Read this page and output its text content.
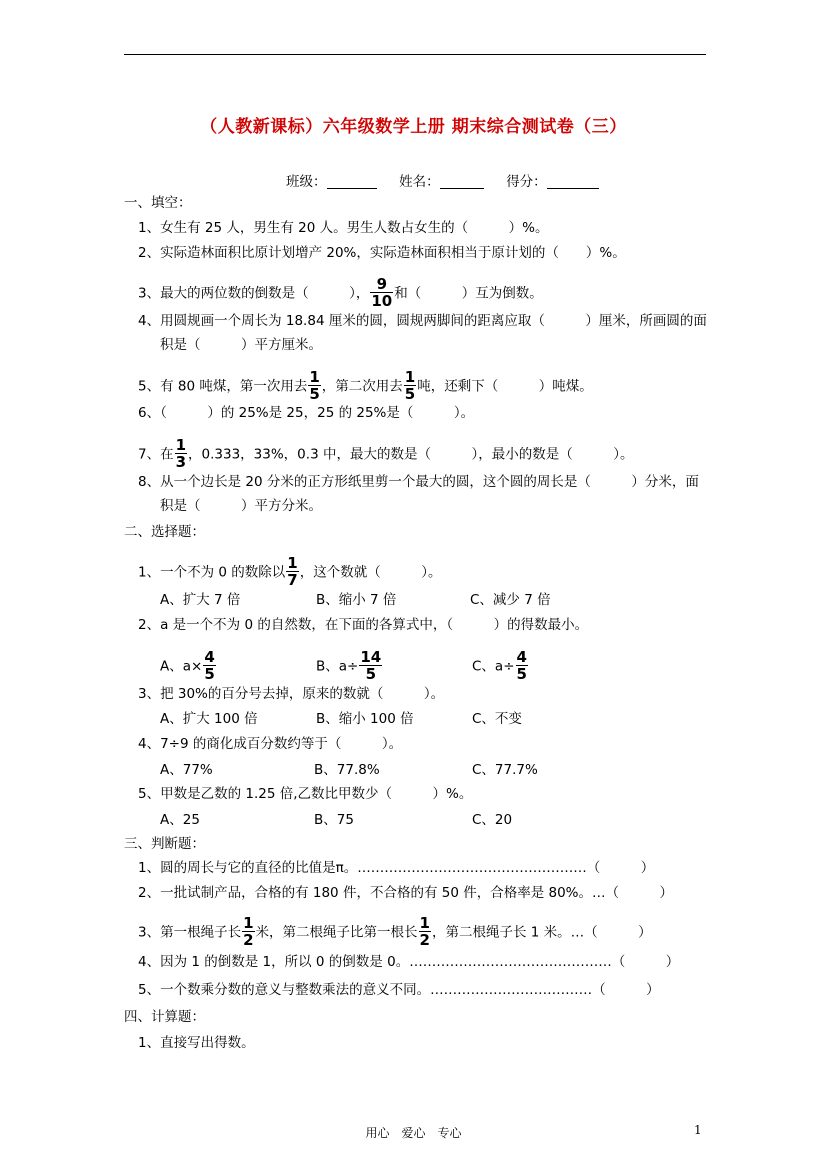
（人教新课标）六年级数学上册 期末综合测试卷（三）
班级：	姓名：	得分：
一、填空：
1、女生有 25 人，男生有 20 人。男生人数占女生的（　　　）%。
2、实际造林面积比原计划增产 20%，实际造林面积相当于原计划的（　　）%。
3、最大的两位数的倒数是（　　　）， $\frac{9}{10}$ 和（　　　）互为倒数。
4、用圆规画一个周长为 18.84 厘米的圆，圆规两脚间的距离应取（　　　）厘米，所画圆的面
积是（　　　）平方厘米。
5、有 80 吨煤，第一次用去 $\frac{1}{5}$ ，第二次用去 $\frac{1}{5}$ 吨，还剩下（　　　）吨煤。
6、（　　　）的 25%是 25，25 的 25%是（　　　）。
7、在 $\frac{1}{3}$ ，0.333，33%，0.3 中，最大的数是（　　　），最小的数是（　　　）。
8、从一个边长是 20 分米的正方形纸里剪一个最大的圆，这个圆的周长是（　　　）分米，面
积是（　　　）平方分米。
二、选择题：
1、一个不为 0 的数除以 $\frac{1}{7}$ ，这个数就（　　　）。
A、扩大 7 倍	B、缩小 7 倍	C、减少 7 倍
2、a 是一个不为 0 的自然数，在下面的各算式中，（　　　）的得数最小。
A、$a\times \frac{4}{5}$	B、$a\div \frac{14}{5}$	C、$a\div \frac{4}{5}$
3、把 30%的百分号去掉，原来的数就（　　　）。
A、扩大 100 倍	B、缩小 100 倍	C、不变
4、7÷9 的商化成百分数约等于（　　　）。
A、77%	B、77.8%	C、77.7%
5、甲数是乙数的 1.25 倍,乙数比甲数少（　　　）%。
A、25	B、75	C、20
三、判断题：
1、圆的周长与它的直径的比值是π。……………………………………………（　　　）
2、一批试制产品，合格的有 180 件，不合格的有 50 件，合格率是 80%。…（　　　）
3、第一根绳子长 $\frac{1}{2}$ 米，第二根绳子比第一根长 $\frac{1}{2}$ ，第二根绳子长 1 米。…（　　　）
4、因为 1 的倒数是 1，所以 0 的倒数是 0。………………………………………（　　　）
5、一个数乘分数的意义与整数乘法的意义不同。………………………………（　　　）
四、计算题：
1、直接写出得数。
用心　爱心　专心	1
